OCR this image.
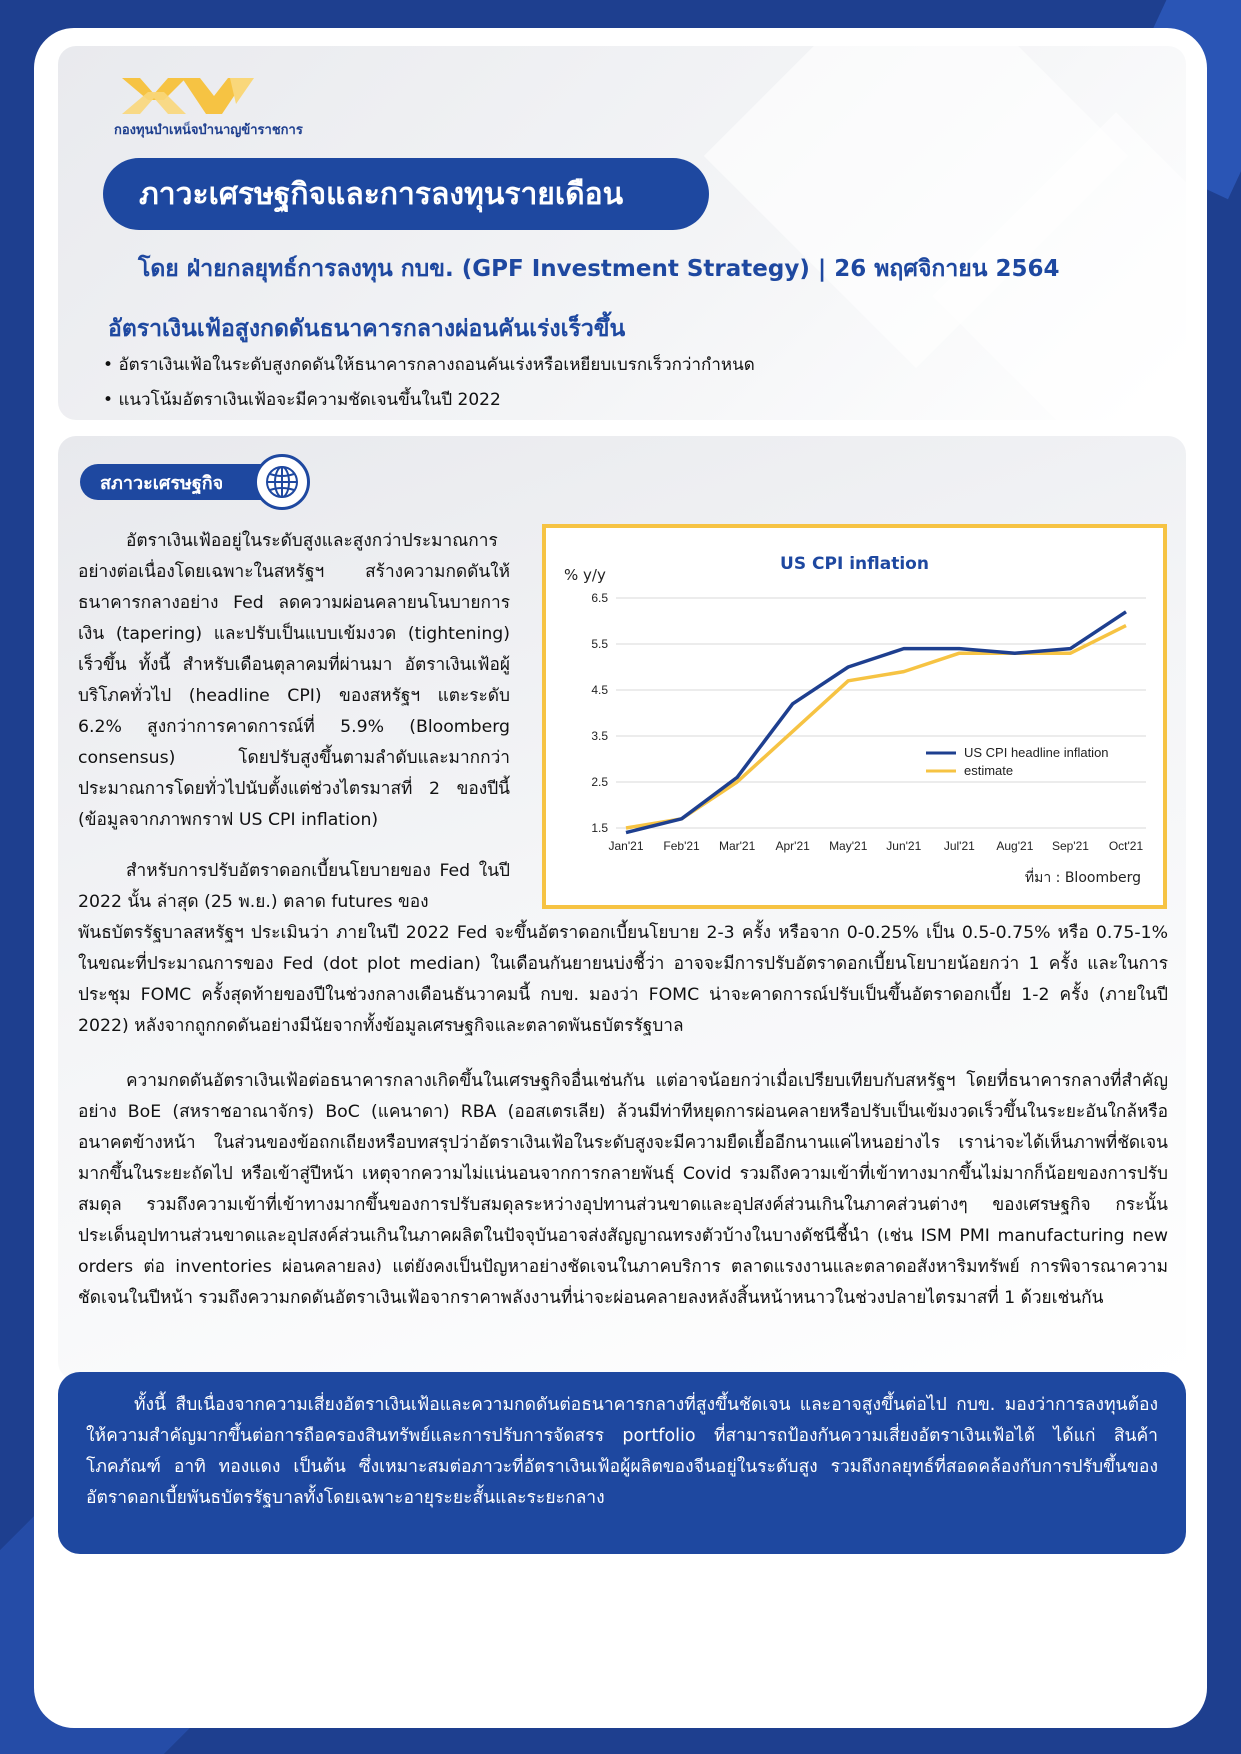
กองทุนบำเหน็จบำนาญข้าราชการ
ภาวะเศรษฐกิจและการลงทุนรายเดือน
โดย ฝ่ายกลยุทธ์การลงทุน กบข. (GPF Investment Strategy) | 26 พฤศจิกายน 2564
อัตราเงินเฟ้อสูงกดดันธนาคารกลางผ่อนคันเร่งเร็วขึ้น
• อัตราเงินเฟ้อในระดับสูงกดดันให้ธนาคารกลางถอนคันเร่งหรือเหยียบเบรกเร็วกว่ากำหนด
• แนวโน้มอัตราเงินเฟ้อจะมีความชัดเจนขึ้นในปี 2022
สภาวะเศรษฐกิจ
อัตราเงินเฟ้ออยู่ในระดับสูงและสูงกว่าประมาณการอย่างต่อเนื่องโดยเฉพาะในสหรัฐฯ สร้างความกดดันให้ธนาคารกลางอย่าง Fed ลดความผ่อนคลายนโนบายการเงิน (tapering) และปรับเป็นแบบเข้มงวด (tightening) เร็วขึ้น ทั้งนี้ สำหรับเดือนตุลาคมที่ผ่านมา อัตราเงินเฟ้อผู้บริโภคทั่วไป (headline CPI) ของสหรัฐฯ แตะระดับ 6.2% สูงกว่าการคาดการณ์ที่ 5.9% (Bloomberg consensus) โดยปรับสูงขึ้นตามลำดับและมากกว่าประมาณการโดยทั่วไปนับตั้งแต่ช่วงไตรมาสที่ 2 ของปีนี้ (ข้อมูลจากภาพกราฟ US CPI inflation)
US CPI inflation
% y/y
6.5
5.5
4.5
3.5
2.5
1.5
Jan'21 Feb'21 Mar'21 Apr'21 May'21 Jun'21 Jul'21 Aug'21 Sep'21 Oct'21
US CPI headline inflation
estimate
ที่มา : Bloomberg
สำหรับการปรับอัตราดอกเบี้ยนโยบายของ Fed ในปี 2022 นั้น ล่าสุด (25 พ.ย.) ตลาด futures ของ
พันธบัตรรัฐบาลสหรัฐฯ ประเมินว่า ภายในปี 2022 Fed จะขึ้นอัตราดอกเบี้ยนโยบาย 2-3 ครั้ง หรือจาก 0-0.25% เป็น 0.5-0.75% หรือ 0.75-1% ในขณะที่ประมาณการของ Fed (dot plot median) ในเดือนกันยายนบ่งชี้ว่า อาจจะมีการปรับอัตราดอกเบี้ยนโยบายน้อยกว่า 1 ครั้ง และในการประชุม FOMC ครั้งสุดท้ายของปีในช่วงกลางเดือนธันวาคมนี้ กบข. มองว่า FOMC น่าจะคาดการณ์ปรับเป็นขึ้นอัตราดอกเบี้ย 1-2 ครั้ง (ภายในปี 2022) หลังจากถูกกดดันอย่างมีนัยจากทั้งข้อมูลเศรษฐกิจและตลาดพันธบัตรรัฐบาล
ความกดดันอัตราเงินเฟ้อต่อธนาคารกลางเกิดขึ้นในเศรษฐกิจอื่นเช่นกัน แต่อาจน้อยกว่าเมื่อเปรียบเทียบกับสหรัฐฯ โดยที่ธนาคารกลางที่สำคัญอย่าง BoE (สหราชอาณาจักร) BoC (แคนาดา) RBA (ออสเตรเลีย) ล้วนมีท่าทีหยุดการผ่อนคลายหรือปรับเป็นเข้มงวดเร็วขึ้นในระยะอันใกล้หรืออนาคตข้างหน้า ในส่วนของข้อถกเถียงหรือบทสรุปว่าอัตราเงินเฟ้อในระดับสูงจะมีความยืดเยื้ออีกนานแค่ไหนอย่างไร เราน่าจะได้เห็นภาพที่ชัดเจนมากขึ้นในระยะถัดไป หรือเข้าสู่ปีหน้า เหตุจากความไม่แน่นอนจากการกลายพันธุ์ Covid รวมถึงความเข้าที่เข้าทางมากขึ้นไม่มากก็น้อยของการปรับสมดุล รวมถึงความเข้าที่เข้าทางมากขึ้นของการปรับสมดุลระหว่างอุปทานส่วนขาดและอุปสงค์ส่วนเกินในภาคส่วนต่างๆ ของเศรษฐกิจ กระนั้นประเด็นอุปทานส่วนขาดและอุปสงค์ส่วนเกินในภาคผลิตในปัจจุบันอาจส่งสัญญาณทรงตัวบ้างในบางดัชนีชี้นำ (เช่น ISM PMI manufacturing new orders ต่อ inventories ผ่อนคลายลง) แต่ยังคงเป็นปัญหาอย่างชัดเจนในภาคบริการ ตลาดแรงงานและตลาดอสังหาริมทรัพย์ การพิจารณาความชัดเจนในปีหน้า รวมถึงความกดดันอัตราเงินเฟ้อจากราคาพลังงานที่น่าจะผ่อนคลายลงหลังสิ้นหน้าหนาวในช่วงปลายไตรมาสที่ 1 ด้วยเช่นกัน
ทั้งนี้ สืบเนื่องจากความเสี่ยงอัตราเงินเฟ้อและความกดดันต่อธนาคารกลางที่สูงขึ้นชัดเจน และอาจสูงขึ้นต่อไป กบข. มองว่าการลงทุนต้องให้ความสำคัญมากขึ้นต่อการถือครองสินทรัพย์และการปรับการจัดสรร portfolio ที่สามารถป้องกันความเสี่ยงอัตราเงินเฟ้อได้ ได้แก่ สินค้าโภคภัณฑ์ อาทิ ทองแดง เป็นต้น ซึ่งเหมาะสมต่อภาวะที่อัตราเงินเฟ้อผู้ผลิตของจีนอยู่ในระดับสูง รวมถึงกลยุทธ์ที่สอดคล้องกับการปรับขึ้นของอัตราดอกเบี้ยพันธบัตรรัฐบาลทั้งโดยเฉพาะอายุระยะสั้นและระยะกลาง
